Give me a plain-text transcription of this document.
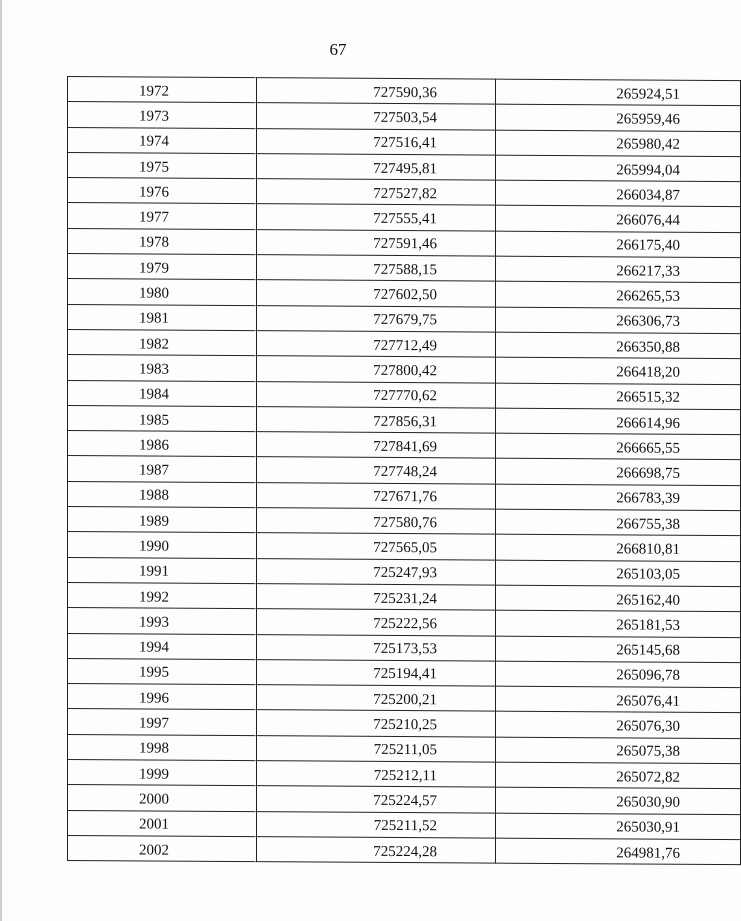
67
1972	727590,36	265924,51
1973	727503,54	265959,46
1974	727516,41	265980,42
1975	727495,81	265994,04
1976	727527,82	266034,87
1977	727555,41	266076,44
1978	727591,46	266175,40
1979	727588,15	266217,33
1980	727602,50	266265,53
1981	727679,75	266306,73
1982	727712,49	266350,88
1983	727800,42	266418,20
1984	727770,62	266515,32
1985	727856,31	266614,96
1986	727841,69	266665,55
1987	727748,24	266698,75
1988	727671,76	266783,39
1989	727580,76	266755,38
1990	727565,05	266810,81
1991	725247,93	265103,05
1992	725231,24	265162,40
1993	725222,56	265181,53
1994	725173,53	265145,68
1995	725194,41	265096,78
1996	725200,21	265076,41
1997	725210,25	265076,30
1998	725211,05	265075,38
1999	725212,11	265072,82
2000	725224,57	265030,90
2001	725211,52	265030,91
2002	725224,28	264981,76
